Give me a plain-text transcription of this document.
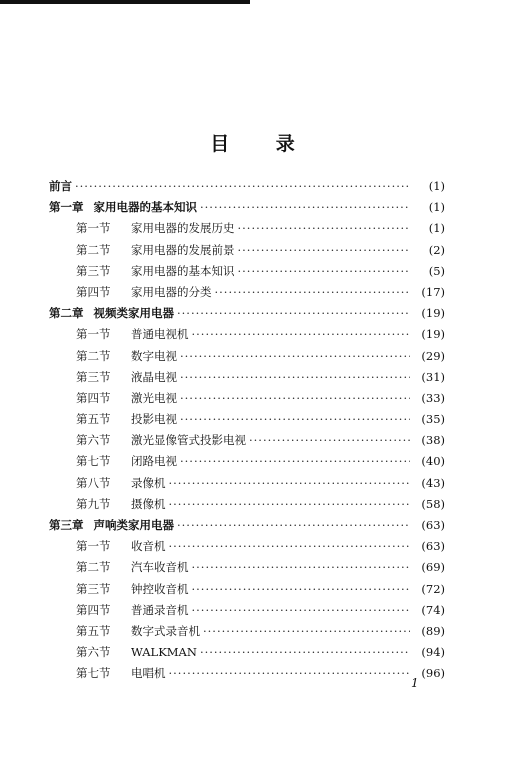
目 录
前言 ·····	(1)
第一章 家用电器的基本知识 ·····	(1)
第一节 家用电器的发展历史 ·····	(1)
第二节 家用电器的发展前景 ·····	(2)
第三节 家用电器的基本知识 ·····	(5)
第四节 家用电器的分类 ·····	(17)
第二章 视频类家用电器 ·····	(19)
第一节 普通电视机 ·····	(19)
第二节 数字电视 ·····	(29)
第三节 液晶电视 ·····	(31)
第四节 激光电视 ·····	(33)
第五节 投影电视 ·····	(35)
第六节 激光显像管式投影电视 ·····	(38)
第七节 闭路电视 ·····	(40)
第八节 录像机 ·····	(43)
第九节 摄像机 ·····	(58)
第三章 声响类家用电器 ·····	(63)
第一节 收音机 ·····	(63)
第二节 汽车收音机 ·····	(69)
第三节 钟控收音机 ·····	(72)
第四节 普通录音机 ·····	(74)
第五节 数字式录音机 ·····	(89)
第六节 WALKMAN ·····	(94)
第七节 电唱机 ·····	(96)
1
